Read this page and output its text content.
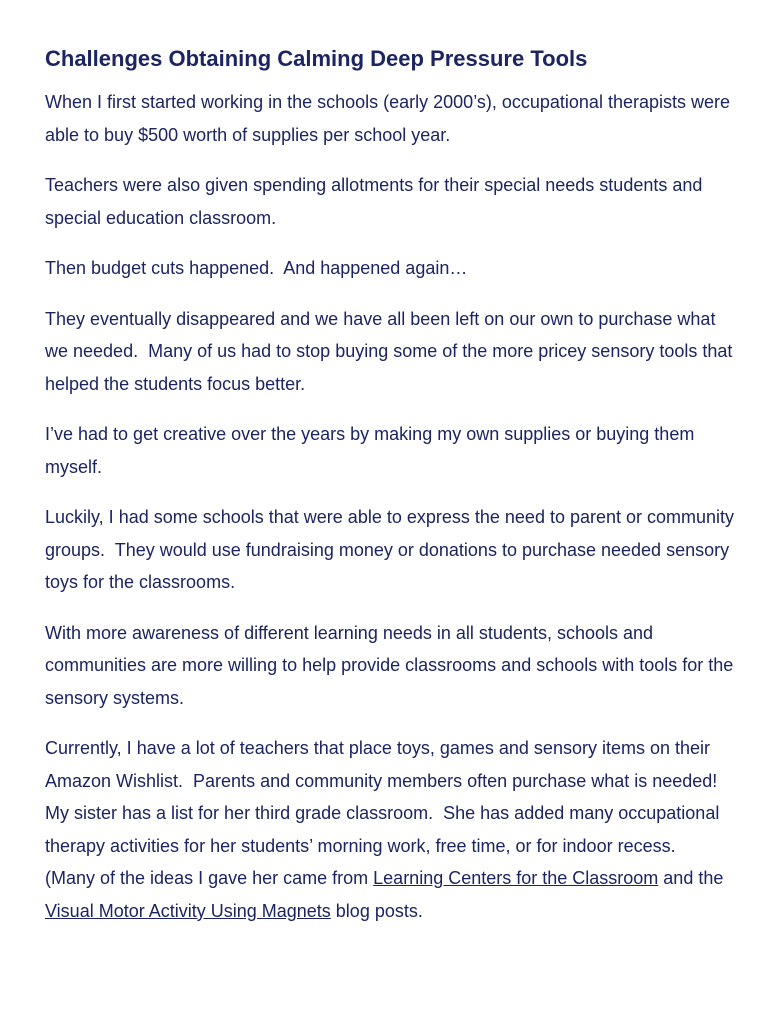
Challenges Obtaining Calming Deep Pressure Tools

When I first started working in the schools (early 2000’s), occupational therapists were able to buy $500 worth of supplies per school year.

Teachers were also given spending allotments for their special needs students and special education classroom.

Then budget cuts happened.  And happened again…

They eventually disappeared and we have all been left on our own to purchase what we needed.  Many of us had to stop buying some of the more pricey sensory tools that helped the students focus better.

I’ve had to get creative over the years by making my own supplies or buying them myself.

Luckily, I had some schools that were able to express the need to parent or community groups.  They would use fundraising money or donations to purchase needed sensory toys for the classrooms.

With more awareness of different learning needs in all students, schools and communities are more willing to help provide classrooms and schools with tools for the sensory systems.

Currently, I have a lot of teachers that place toys, games and sensory items on their Amazon Wishlist.  Parents and community members often purchase what is needed!  My sister has a list for her third grade classroom.  She has added many occupational therapy activities for her students’ morning work, free time, or for indoor recess.  (Many of the ideas I gave her came from Learning Centers for the Classroom and the Visual Motor Activity Using Magnets blog posts.
